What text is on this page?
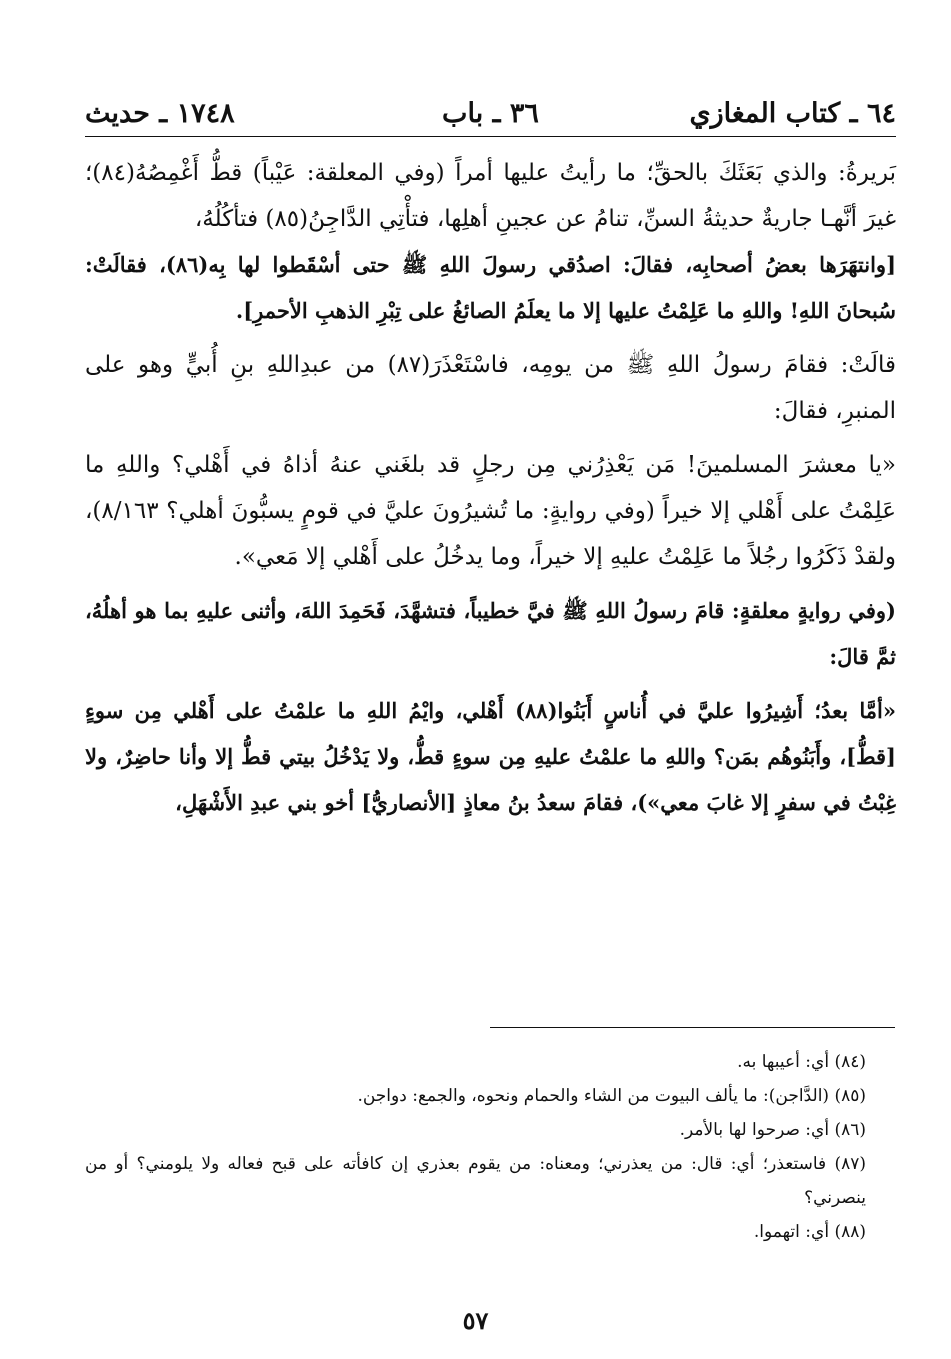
٦٤ ـ كتاب المغازي
٣٦ ـ باب
١٧٤٨ ـ حديث

بَريرةُ: والذي بَعَثَكَ بالحقِّ؛ ما رأيتُ عليها أمراً (وفي المعلقة: عَيْباً) قطُّ أَغْمِصُهُ(٨٤)؛ غيرَ أنَّهـا جاريةٌ حديثةُ السنِّ، تنامُ عن عجينِ أهلِها، فتأْتِي الدَّاجِنُ(٨٥) فتأكُلُهُ،

[وانتهَرَها بعضُ أصحابِه، فقالَ: اصدُقي رسولَ اللهِ ﷺ حتى أسْقَطوا لها بِه(٨٦)، فقالَتْ: سُبحانَ اللهِ! واللهِ ما عَلِمْتُ عليها إلا ما يعلَمُ الصائغُ على تِبْرِ الذهبِ الأحمرِ].

قالَتْ: فقامَ رسولُ اللهِ ﷺ من يومِه، فاسْتَعْذَرَ(٨٧) من عبدِاللهِ بنِ أُبيٍّ وهو على المنبرِ، فقالَ:

«يا معشرَ المسلمينَ! مَن يَعْذِرُني مِن رجلٍ قد بلغَني عنهُ أذاهُ في أَهْلي؟ واللهِ ما عَلِمْتُ على أَهْلي إلا خيراً (وفي روايةٍ: ما تُشيرُونَ عليَّ في قومٍ يسبُّونَ أهلي؟ ٨/١٦٣)، ولقدْ ذَكَرُوا رجُلاً ما عَلِمْتُ عليهِ إلا خيراً، وما يدخُلُ على أَهْلي إلا مَعي».

(وفي روايةٍ معلقةٍ: قامَ رسولُ اللهِ ﷺ فيَّ خطيباً، فتشهَّدَ، فَحَمِدَ اللهَ، وأثنى عليهِ بما هو أهلُهُ، ثمَّ قالَ:

«أمَّا بعدُ؛ أَشِيرُوا عليَّ في أُناسٍ أَبَنُوا(٨٨) أَهْلي، وايْمُ اللهِ ما علمْتُ على أَهْلي مِن سوءٍ [قطُّ]، وأَبَنُوهُم بمَن؟ واللهِ ما علمْتُ عليهِ مِن سوءٍ قطُّ، ولا يَدْخُلُ بيتي قطُّ إلا وأنا حاضِرٌ، ولا غِبْتُ في سفرٍ إلا غابَ معي»)، فقامَ سعدُ بنُ معاذٍ [الأنصاريُّ] أخو بني عبدِ الأَشْهَلِ،

(٨٤) أي: أعيبها به.

(٨٥) (الدَّاجن): ما يألف البيوت من الشاء والحمام ونحوه، والجمع: دواجن.

(٨٦) أي: صرحوا لها بالأمر.

(٨٧) فاستعذر؛ أي: قال: من يعذرني؛ ومعناه: من يقوم بعذري إن كافأته على قبح فعاله ولا يلومني؟ أو من ينصرني؟

(٨٨) أي: اتهموا.

٥٧
